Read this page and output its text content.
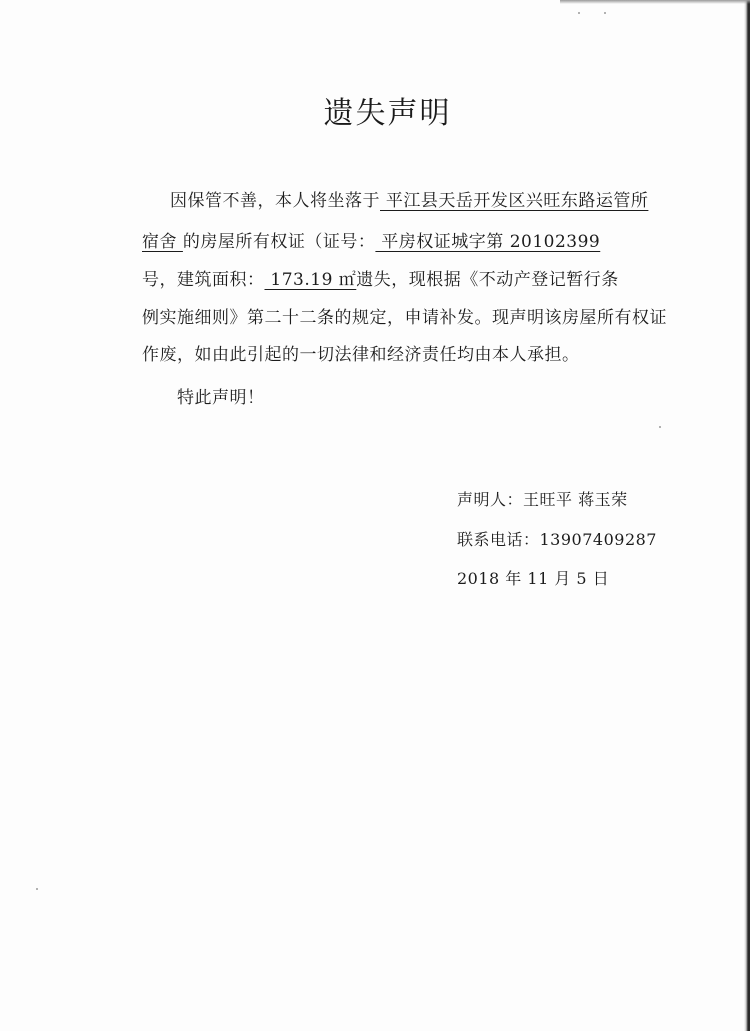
遗失声明
因保管不善，本人将坐落于 平江县天岳开发区兴旺东路运管所
宿舍 的房屋所有权证（证号： 平房权证城字第 20102399
号，建筑面积： 173.19 ㎡遗失，现根据《不动产登记暂行条
例实施细则》第二十二条的规定，申请补发。现声明该房屋所有权证
作废，如由此引起的一切法律和经济责任均由本人承担。
特此声明！
声明人：王旺平 蒋玉荣
联系电话：13907409287
2018 年 11 月 5 日
